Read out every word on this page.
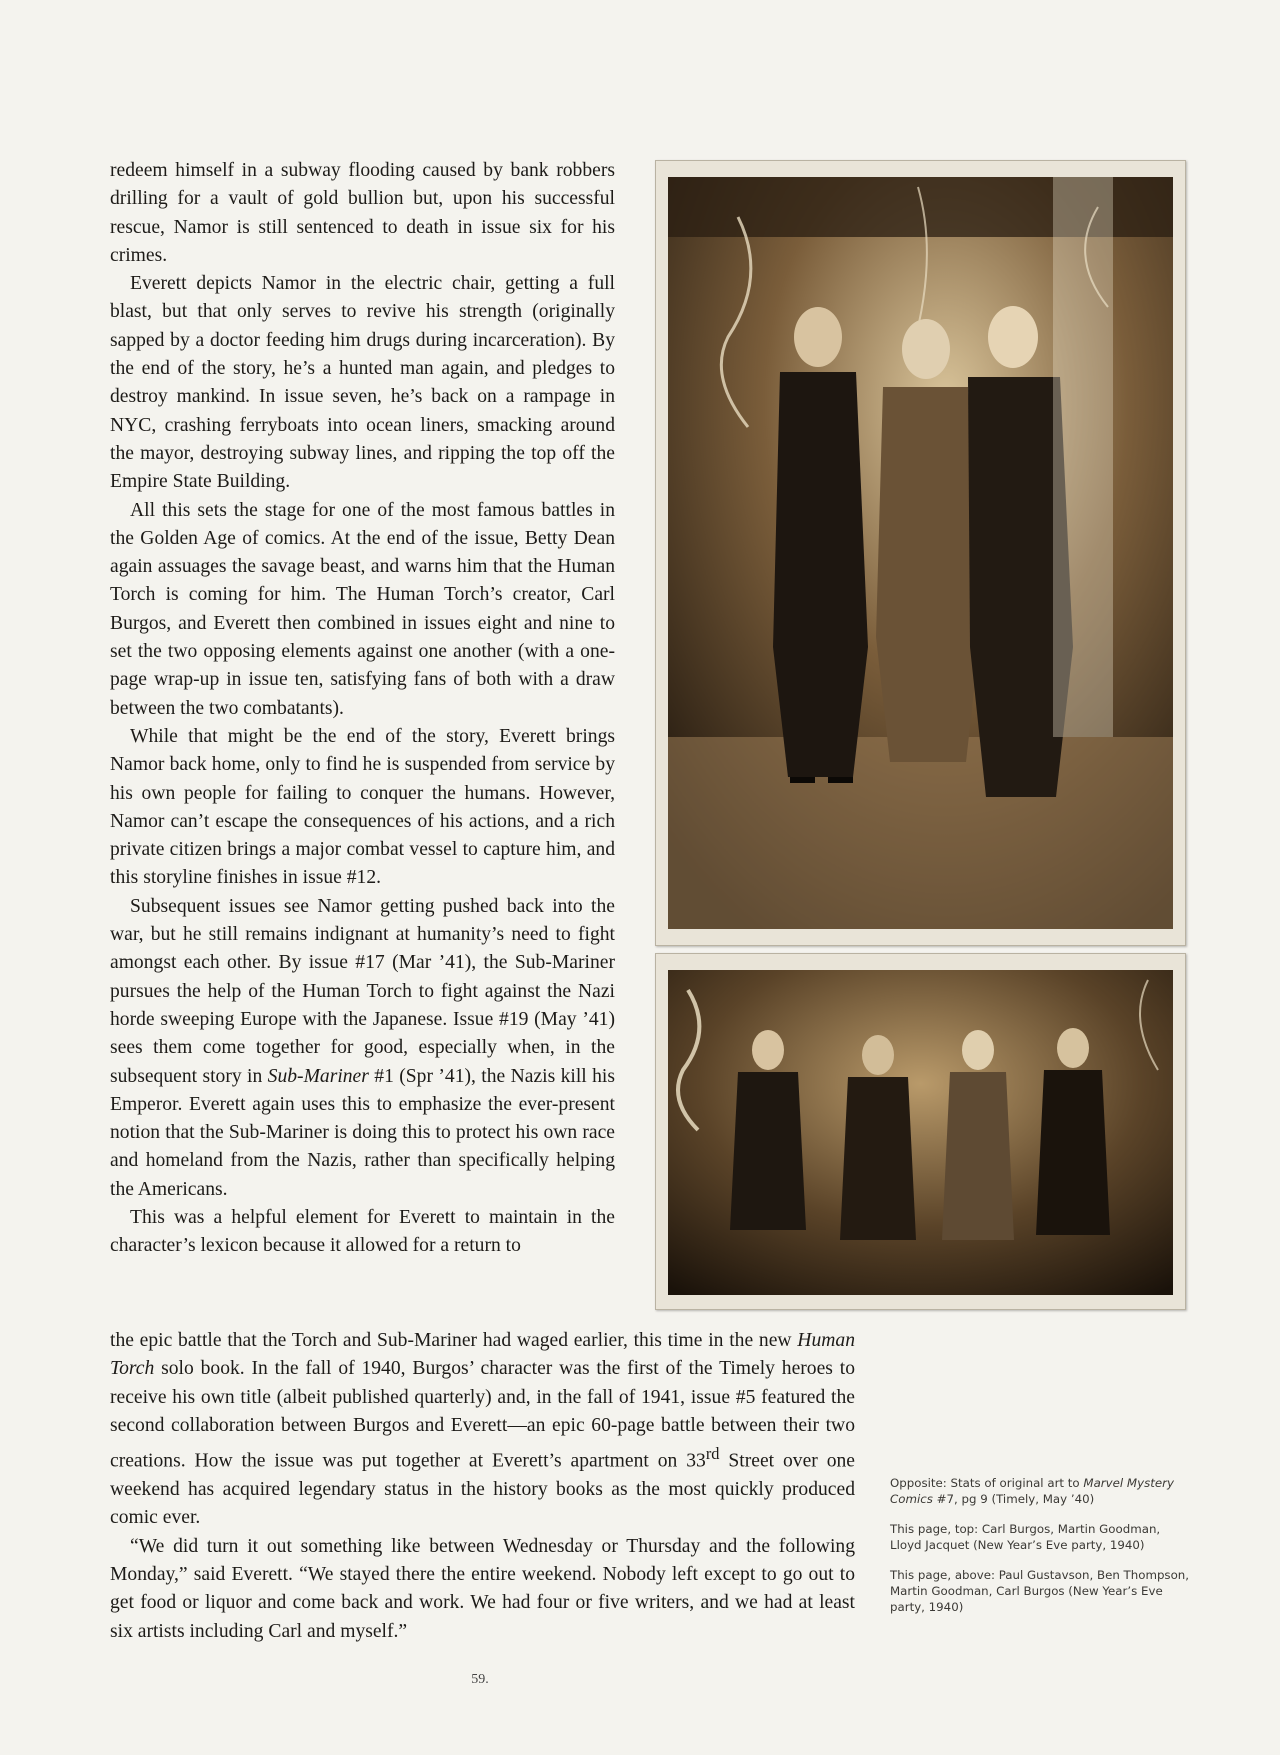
redeem himself in a subway flooding caused by bank robbers drilling for a vault of gold bullion but, upon his successful rescue, Namor is still sentenced to death in issue six for his crimes.

Everett depicts Namor in the electric chair, getting a full blast, but that only serves to revive his strength (originally sapped by a doctor feeding him drugs during incarceration). By the end of the story, he’s a hunted man again, and pledges to destroy mankind. In issue seven, he’s back on a rampage in NYC, crashing ferryboats into ocean liners, smacking around the mayor, destroying subway lines, and ripping the top off the Empire State Building.

All this sets the stage for one of the most famous battles in the Golden Age of comics. At the end of the issue, Betty Dean again assuages the savage beast, and warns him that the Human Torch is coming for him. The Human Torch’s creator, Carl Burgos, and Everett then combined in issues eight and nine to set the two opposing elements against one another (with a one-page wrap-up in issue ten, satisfying fans of both with a draw between the two combatants).

While that might be the end of the story, Everett brings Namor back home, only to find he is suspended from service by his own people for failing to conquer the humans. However, Namor can’t escape the consequences of his actions, and a rich private citizen brings a major combat vessel to capture him, and this storyline finishes in issue #12.

Subsequent issues see Namor getting pushed back into the war, but he still remains indignant at humanity’s need to fight amongst each other. By issue #17 (Mar ’41), the Sub-Mariner pursues the help of the Human Torch to fight against the Nazi horde sweeping Europe with the Japanese. Issue #19 (May ’41) sees them come together for good, especially when, in the subsequent story in Sub-Mariner #1 (Spr ’41), the Nazis kill his Emperor. Everett again uses this to emphasize the ever-present notion that the Sub-Mariner is doing this to protect his own race and homeland from the Nazis, rather than specifically helping the Americans.

This was a helpful element for Everett to maintain in the character’s lexicon because it allowed for a return to

the epic battle that the Torch and Sub-Mariner had waged earlier, this time in the new Human Torch solo book. In the fall of 1940, Burgos’ character was the first of the Timely heroes to receive his own title (albeit published quarterly) and, in the fall of 1941, issue #5 featured the second collaboration between Burgos and Everett—an epic 60-page battle between their two creations. How the issue was put together at Everett’s apartment on 33rd Street over one weekend has acquired legendary status in the history books as the most quickly produced comic ever.

“We did turn it out something like between Wednesday or Thursday and the following Monday,” said Everett. “We stayed there the entire weekend. Nobody left except to go out to get food or liquor and come back and work. We had four or five writers, and we had at least six artists including Carl and myself.”

Opposite: Stats of original art to Marvel Mystery Comics #7, pg 9 (Timely, May ’40)

This page, top: Carl Burgos, Martin Goodman, Lloyd Jacquet (New Year’s Eve party, 1940)

This page, above: Paul Gustavson, Ben Thompson, Martin Goodman, Carl Burgos (New Year’s Eve party, 1940)

59.
